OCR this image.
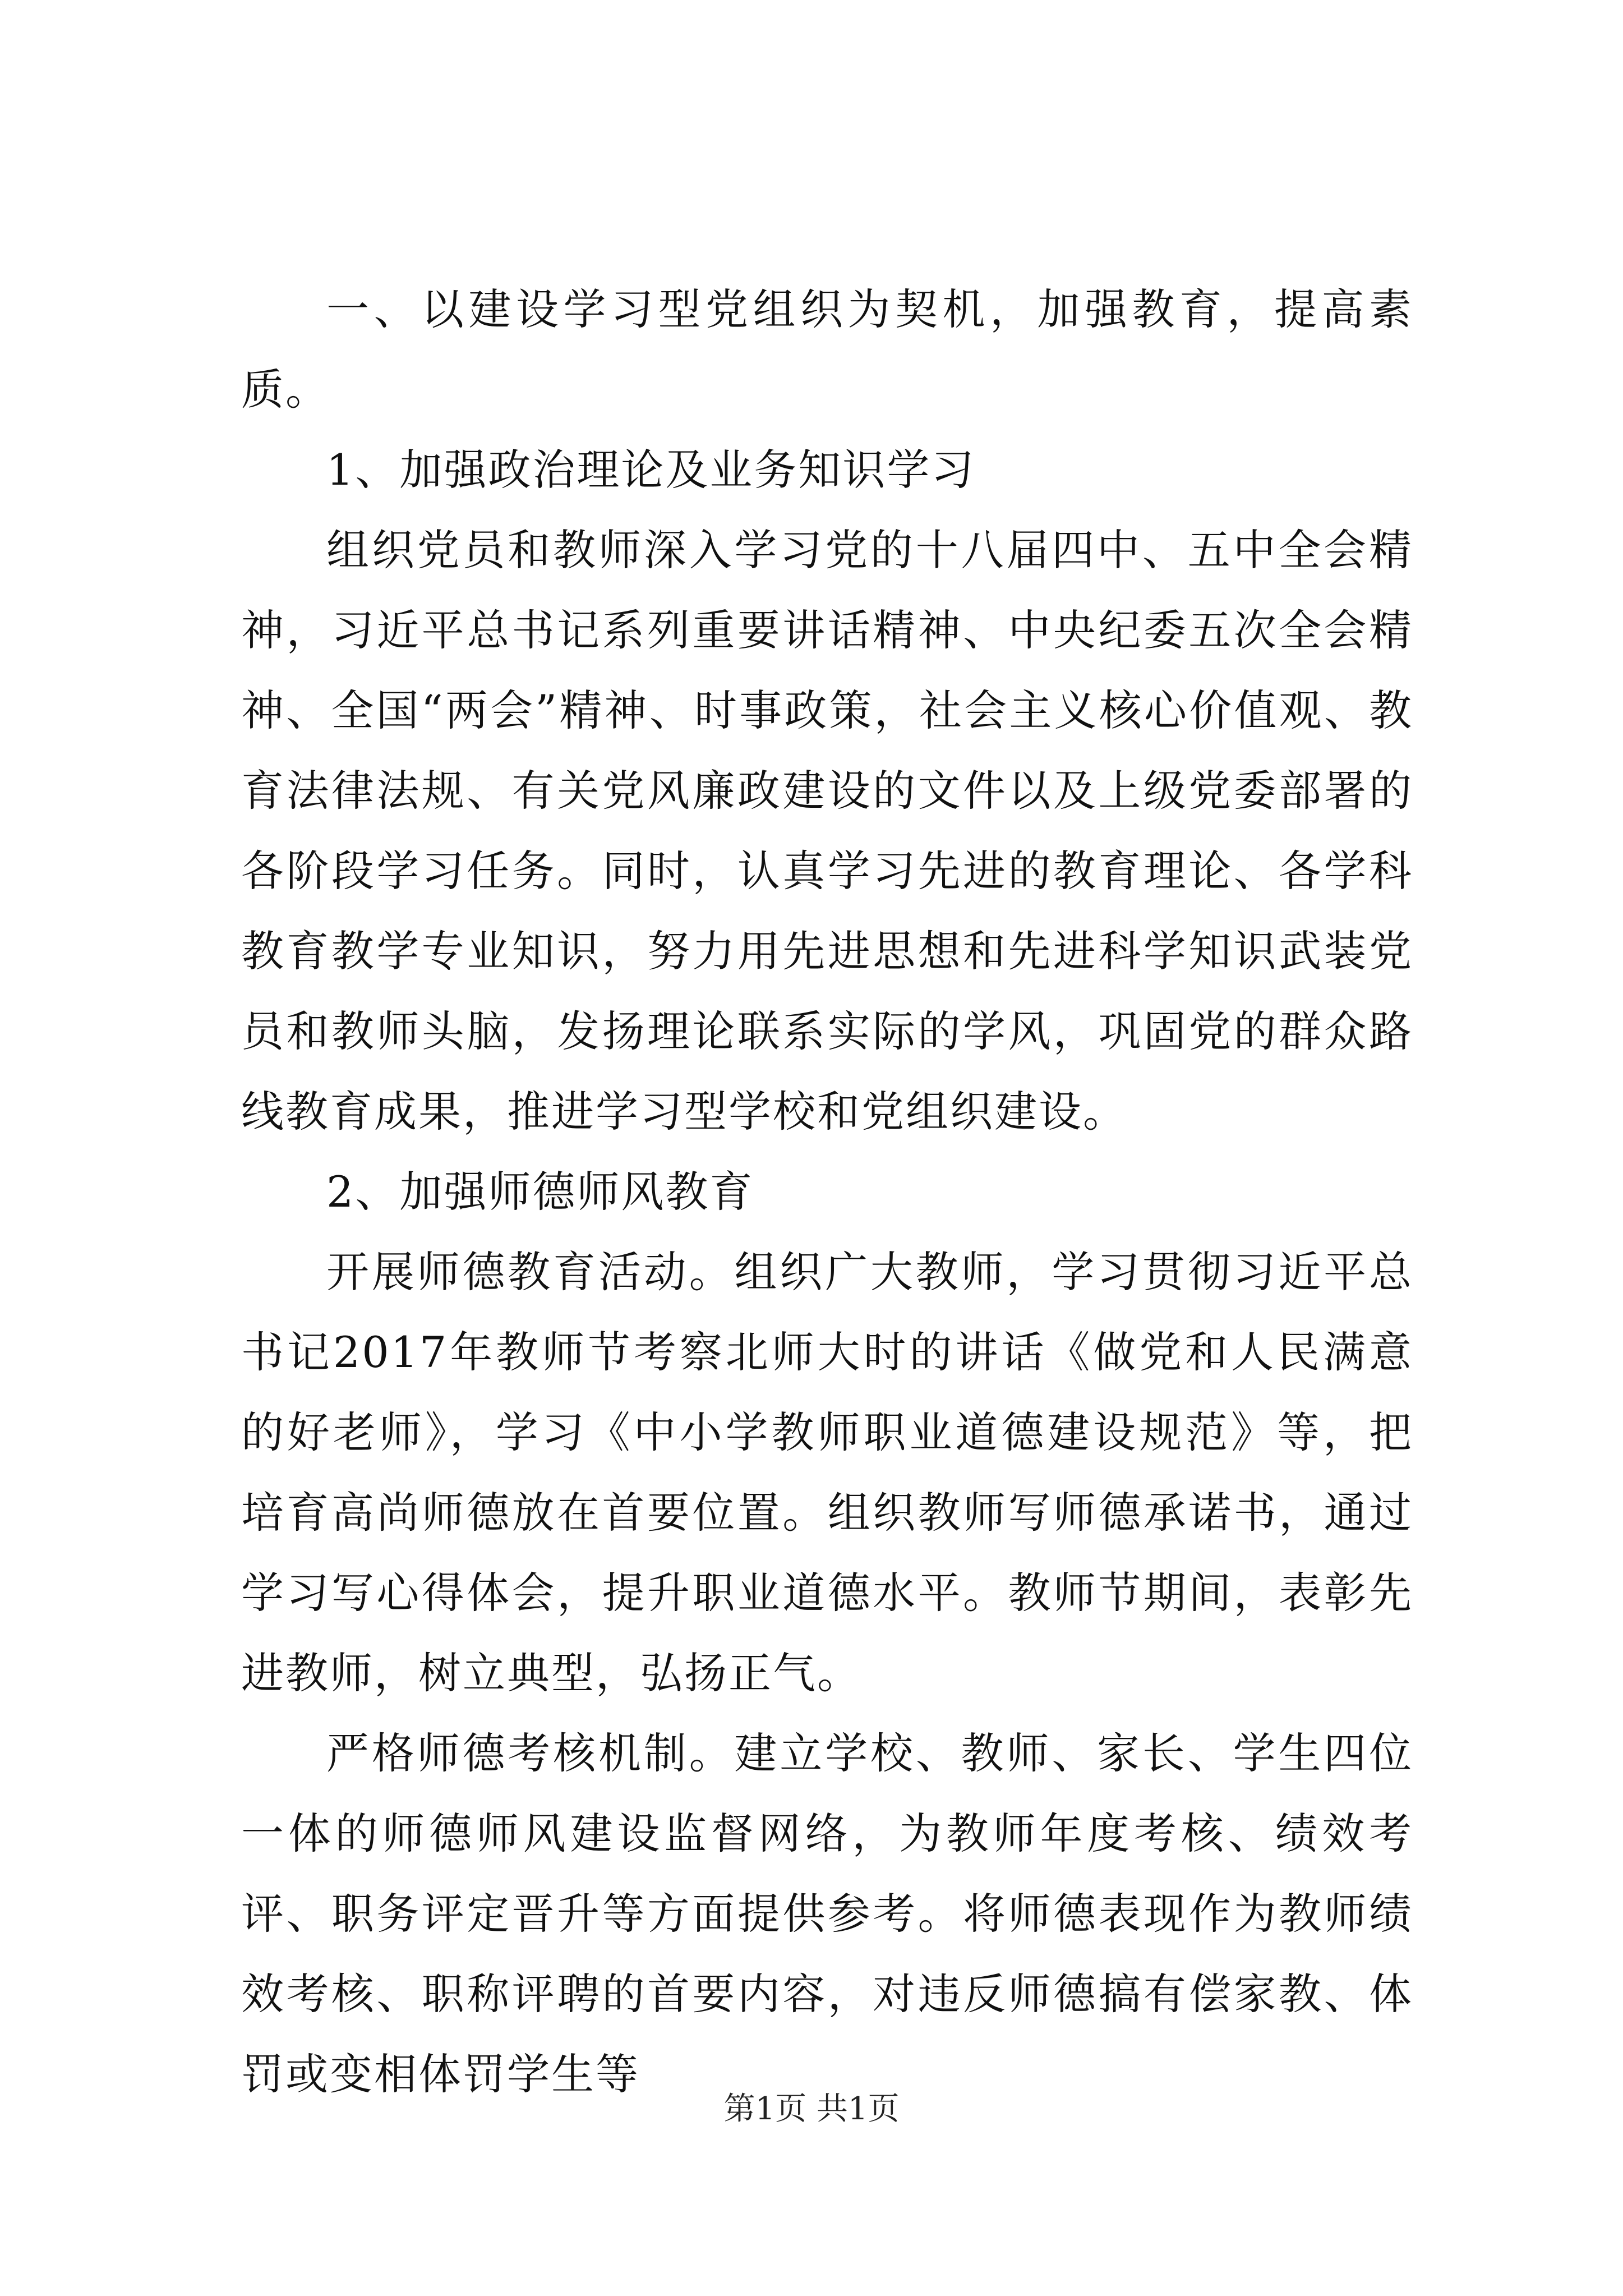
一、以建设学习型党组织为契机，加强教育，提高素质。

1、加强政治理论及业务知识学习

组织党员和教师深入学习党的十八届四中、五中全会精神，习近平总书记系列重要讲话精神、中央纪委五次全会精神、全国“两会”精神、时事政策，社会主义核心价值观、教育法律法规、有关党风廉政建设的文件以及上级党委部署的各阶段学习任务。同时，认真学习先进的教育理论、各学科教育教学专业知识，努力用先进思想和先进科学知识武装党员和教师头脑，发扬理论联系实际的学风，巩固党的群众路线教育成果，推进学习型学校和党组织建设。

2、加强师德师风教育

开展师德教育活动。组织广大教师，学习贯彻习近平总书记2017年教师节考察北师大时的讲话《做党和人民满意的好老师》，学习《中小学教师职业道德建设规范》等，把培育高尚师德放在首要位置。组织教师写师德承诺书，通过学习写心得体会，提升职业道德水平。教师节期间，表彰先进教师，树立典型，弘扬正气。

严格师德考核机制。建立学校、教师、家长、学生四位一体的师德师风建设监督网络，为教师年度考核、绩效考评、职务评定晋升等方面提供参考。将师德表现作为教师绩效考核、职称评聘的首要内容，对违反师德搞有偿家教、体罚或变相体罚学生等

第1页 共1页
